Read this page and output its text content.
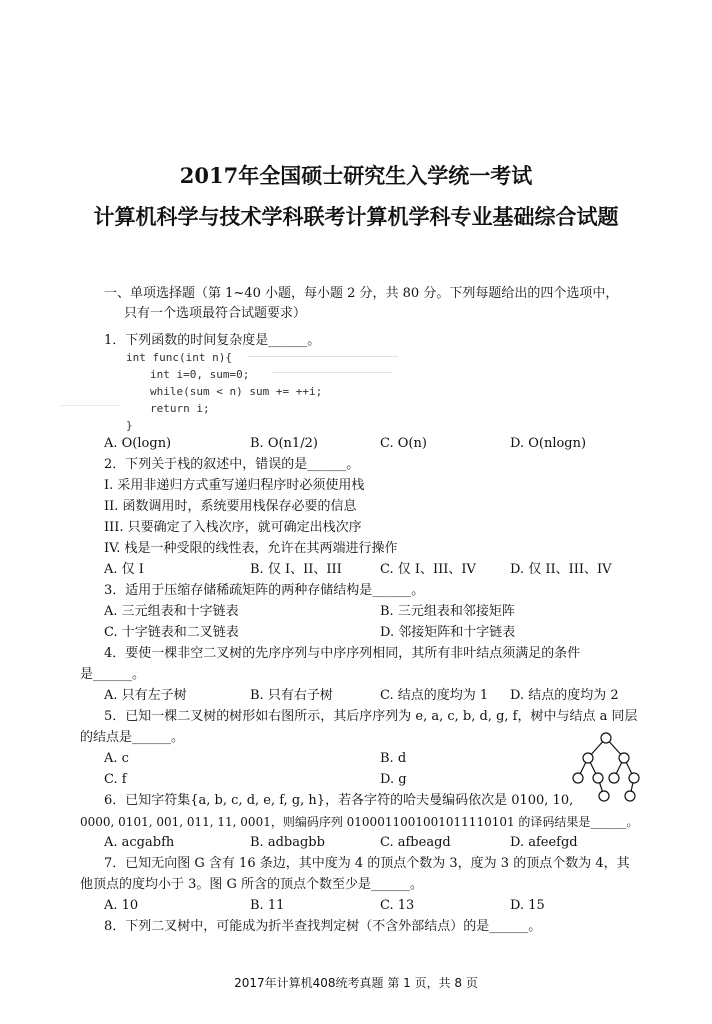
2017年全国硕士研究生入学统一考试
计算机科学与技术学科联考计算机学科专业基础综合试题
一、单项选择题（第 1~40 小题，每小题 2 分，共 80 分。下列每题给出的四个选项中，
只有一个选项最符合试题要求）
1．下列函数的时间复杂度是______。
int func(int n){
int i=0, sum=0;
while(sum < n) sum += ++i;
return i;
}
A. O(logn)	B. O(n1/2)	C. O(n)	D. O(nlogn)
2．下列关于栈的叙述中，错误的是______。
I. 采用非递归方式重写递归程序时必须使用栈
II. 函数调用时，系统要用栈保存必要的信息
III. 只要确定了入栈次序，就可确定出栈次序
IV. 栈是一种受限的线性表，允许在其两端进行操作
A. 仅 I	B. 仅 I、II、III	C. 仅 I、III、IV	D. 仅 II、III、IV
3．适用于压缩存储稀疏矩阵的两种存储结构是______。
A. 三元组表和十字链表	B. 三元组表和邻接矩阵
C. 十字链表和二叉链表	D. 邻接矩阵和十字链表
4．要使一棵非空二叉树的先序序列与中序序列相同，其所有非叶结点须满足的条件
是______。
A. 只有左子树	B. 只有右子树	C. 结点的度均为 1 D. 结点的度均为 2
5．已知一棵二叉树的树形如右图所示，其后序序列为 e, a, c, b, d, g, f，树中与结点 a 同层
的结点是______。
A. c	B. d
C. f	D. g
6．已知字符集{a, b, c, d, e, f, g, h}，若各字符的哈夫曼编码依次是 0100, 10,
0000, 0101, 001, 011, 11, 0001，则编码序列 0100011001001011110101 的译码结果是______。
A. acgabfh	B. adbagbb	C. afbeagd	D. afeefgd
7．已知无向图 G 含有 16 条边，其中度为 4 的顶点个数为 3，度为 3 的顶点个数为 4，其
他顶点的度均小于 3。图 G 所含的顶点个数至少是______。
A. 10	B. 11	C. 13	D. 15
8．下列二叉树中，可能成为折半查找判定树（不含外部结点）的是______。
2017年计算机408统考真题 第 1 页，共 8 页
